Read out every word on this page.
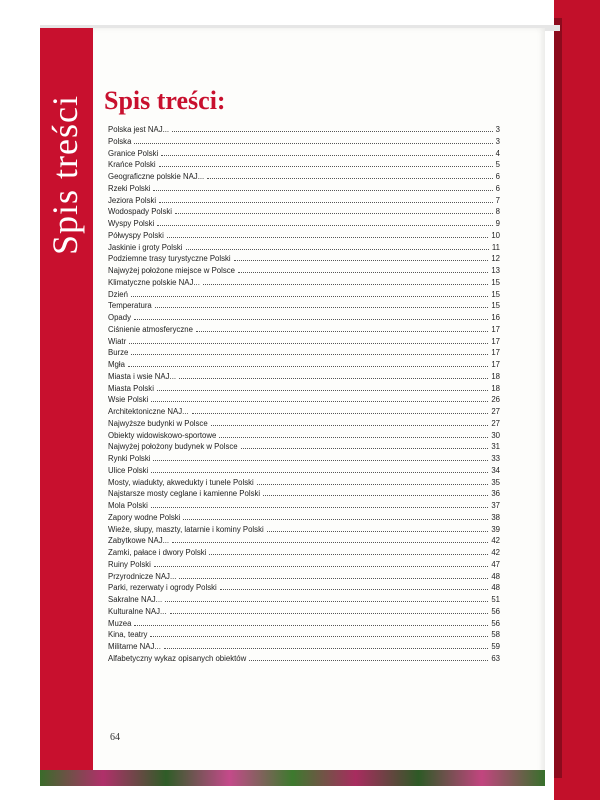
Spis treści Spis treści:
Polska jest NAJ...	3
Polska	3
Granice Polski	4
Krańce Polski	5
Geograficzne polskie NAJ...	6
Rzeki Polski	6
Jeziora Polski	7
Wodospady Polski	8
Wyspy Polski	9
Półwyspy Polski	10
Jaskinie i groty Polski	11
Podziemne trasy turystyczne Polski	12
Najwyżej położone miejsce w Polsce	13
Klimatyczne polskie NAJ...	15
Dzień	15
Temperatura	15
Opady	16
Ciśnienie atmosferyczne	17
Wiatr	17
Burze	17
Mgła	17
Miasta i wsie NAJ...	18
Miasta Polski	18
Wsie Polski	26
Architektoniczne NAJ...	27
Najwyższe budynki w Polsce	27
Obiekty widowiskowo-sportowe	30
Najwyżej położony budynek w Polsce	31
Rynki Polski	33
Ulice Polski	34
Mosty, wiadukty, akwedukty i tunele Polski	35
Najstarsze mosty ceglane i kamienne Polski	36
Mola Polski	37
Zapory wodne Polski	38
Wieże, słupy, maszty, latarnie i kominy Polski	39
Zabytkowe NAJ...	42
Zamki, pałace i dwory Polski	42
Ruiny Polski	47
Przyrodnicze NAJ...	48
Parki, rezerwaty i ogrody Polski	48
Sakralne NAJ...	51
Kulturalne NAJ...	56
Muzea	56
Kina, teatry	58
Militarne NAJ...	59
Alfabetyczny wykaz opisanych obiektów	63
64
